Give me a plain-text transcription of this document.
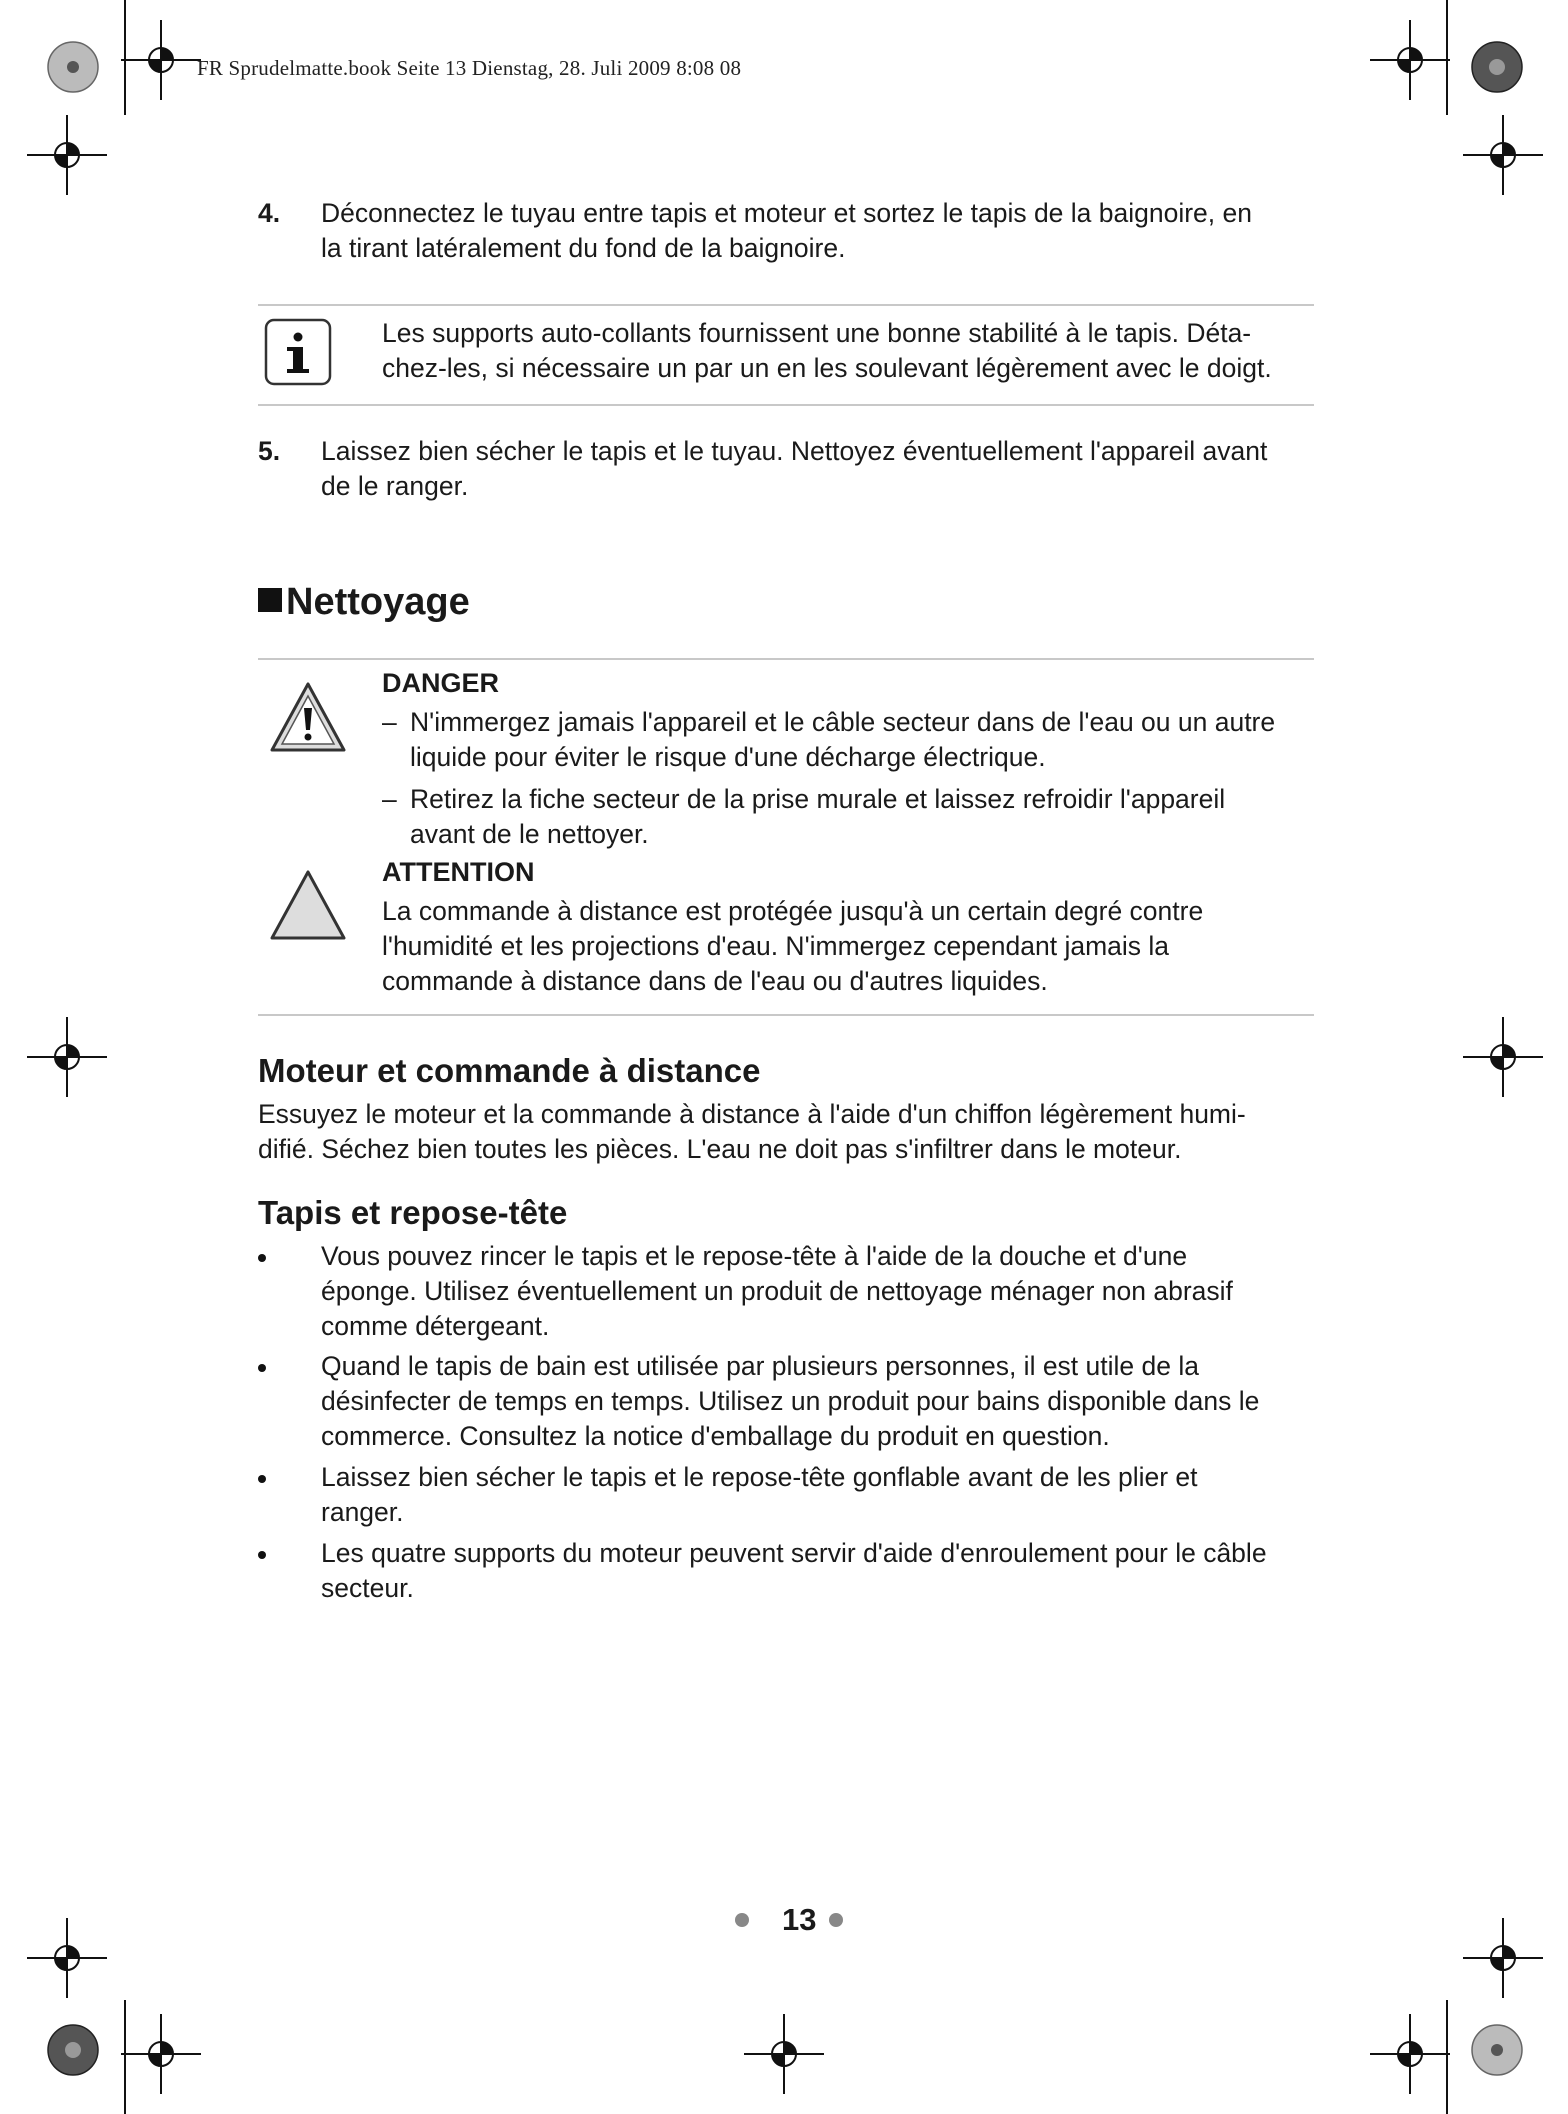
FR Sprudelmatte.book Seite 13 Dienstag, 28. Juli 2009 8:08 08
4. Déconnectez le tuyau entre tapis et moteur et sortez le tapis de la baignoire, en
la tirant latéralement du fond de la baignoire.
Les supports auto-collants fournissent une bonne stabilité à le tapis. Déta-
chez-les, si nécessaire un par un en les soulevant légèrement avec le doigt.
5. Laissez bien sécher le tapis et le tuyau. Nettoyez éventuellement l'appareil avant
de le ranger.
Nettoyage
DANGER
– N'immergez jamais l'appareil et le câble secteur dans de l'eau ou un autre
liquide pour éviter le risque d'une décharge électrique.
– Retirez la fiche secteur de la prise murale et laissez refroidir l'appareil
avant de le nettoyer.
ATTENTION
La commande à distance est protégée jusqu'à un certain degré contre
l'humidité et les projections d'eau. N'immergez cependant jamais la
commande à distance dans de l'eau ou d'autres liquides.
Moteur et commande à distance
Essuyez le moteur et la commande à distance à l'aide d'un chiffon légèrement humi-
difié. Séchez bien toutes les pièces. L'eau ne doit pas s'infiltrer dans le moteur.
Tapis et repose-tête
Vous pouvez rincer le tapis et le repose-tête à l'aide de la douche et d'une
éponge. Utilisez éventuellement un produit de nettoyage ménager non abrasif
comme détergeant.
Quand le tapis de bain est utilisée par plusieurs personnes, il est utile de la
désinfecter de temps en temps. Utilisez un produit pour bains disponible dans le
commerce. Consultez la notice d'emballage du produit en question.
Laissez bien sécher le tapis et le repose-tête gonflable avant de les plier et
ranger.
Les quatre supports du moteur peuvent servir d'aide d'enroulement pour le câble
secteur.
13
